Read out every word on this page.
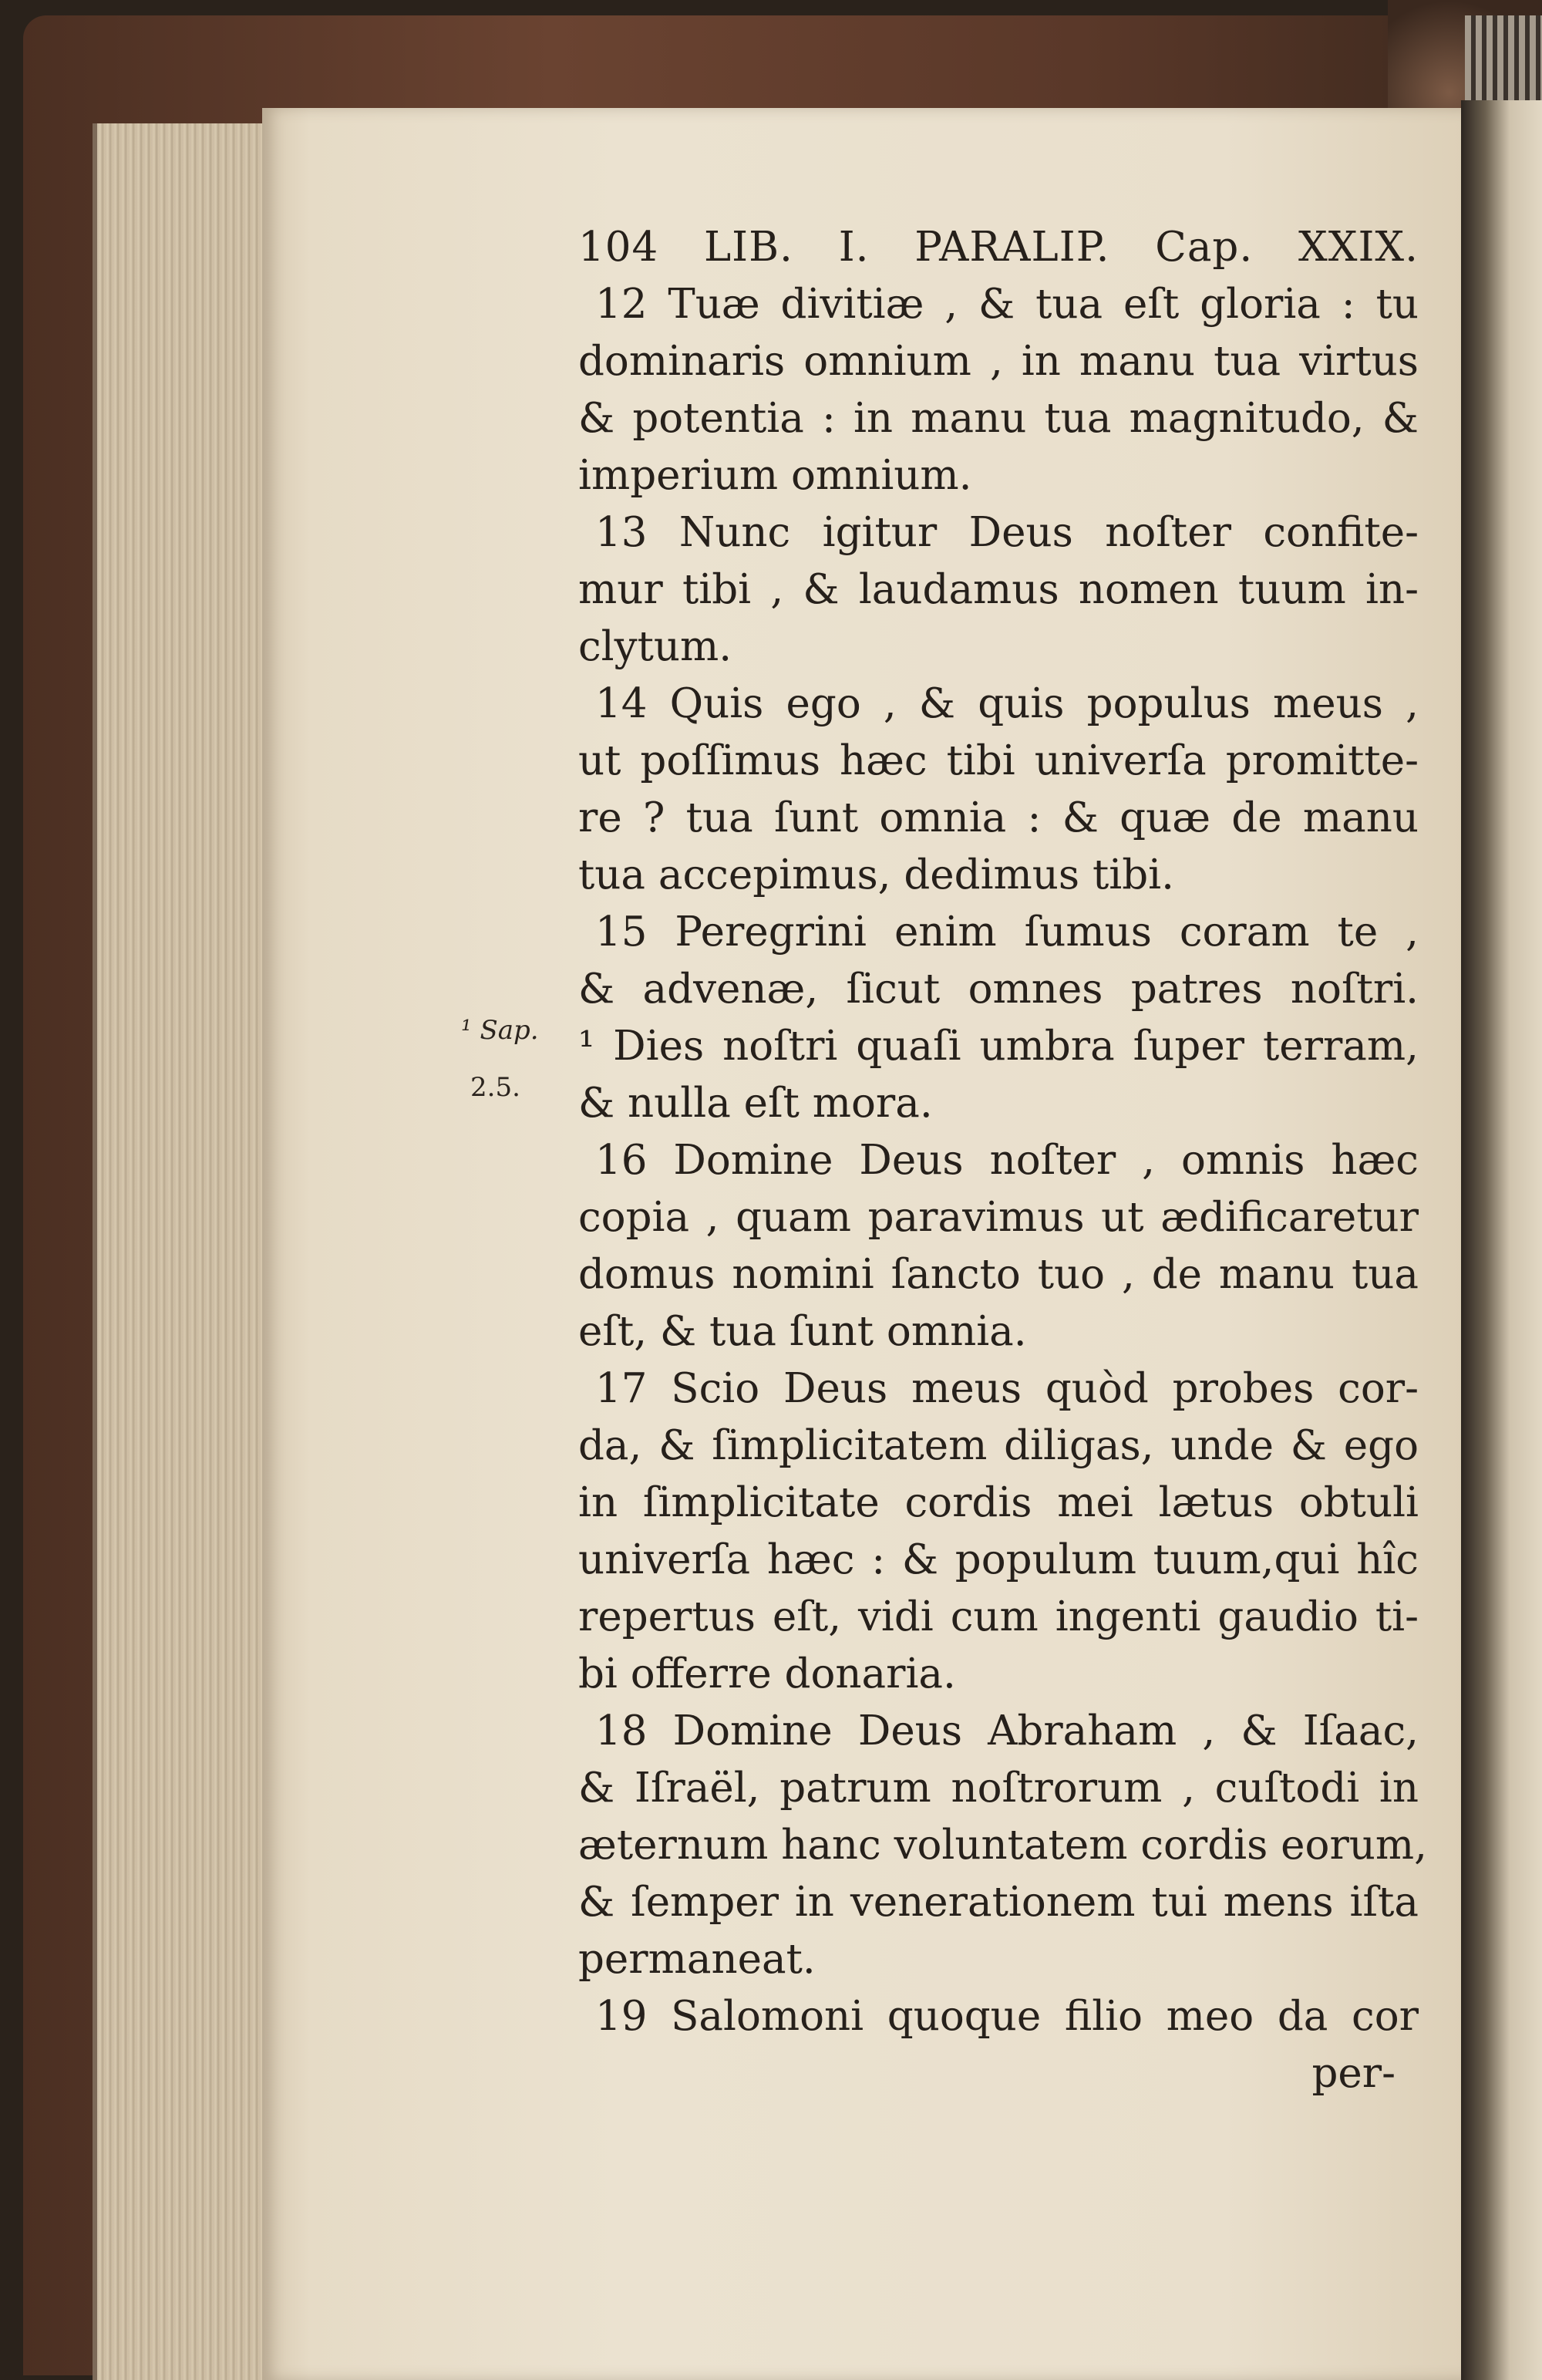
¹ Sap.
2.5.
104 LIB. I. PARALIP. Cap. XXIX.
12 Tuæ divitiæ , & tua eſt gloria : tu
dominaris omnium , in manu tua virtus
& potentia : in manu tua magnitudo, &
imperium omnium.
13 Nunc igitur Deus noſter confite-
mur tibi , & laudamus nomen tuum in-
clytum.
14 Quis ego , & quis populus meus ,
ut poſſimus hæc tibi univerſa promitte-
re ? tua ſunt omnia : & quæ de manu
tua accepimus, dedimus tibi.
15 Peregrini enim ſumus coram te ,
& advenæ, ſicut omnes patres noſtri.
¹ Dies noſtri quaſi umbra ſuper terram,
& nulla eſt mora.
16 Domine Deus noſter , omnis hæc
copia , quam paravimus ut ædificaretur
domus nomini ſancto tuo , de manu tua
eſt, & tua ſunt omnia.
17 Scio Deus meus quòd probes cor-
da, & ſimplicitatem diligas, unde & ego
in ſimplicitate cordis mei lætus obtuli
univerſa hæc : & populum tuum,qui hîc
repertus eſt, vidi cum ingenti gaudio ti-
bi offerre donaria.
18 Domine Deus Abraham , & Iſaac,
& Iſraël, patrum noſtrorum , cuſtodi in
æternum hanc voluntatem cordis eorum,
& ſemper in venerationem tui mens iſta
permaneat.
19 Salomoni quoque filio meo da cor
per-
